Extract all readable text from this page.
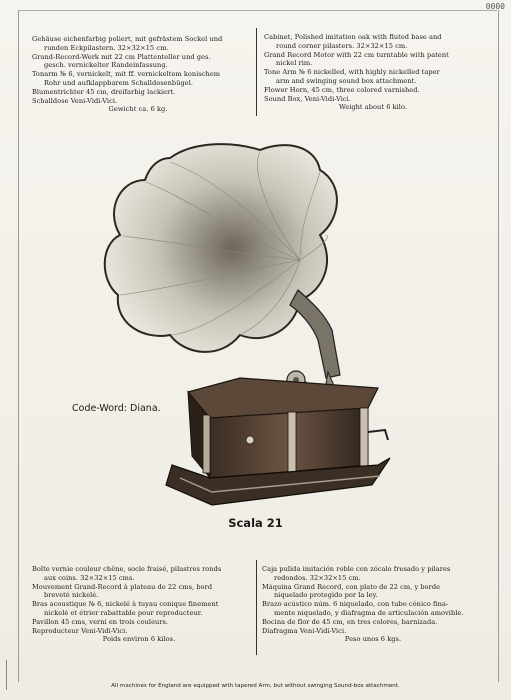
0000

Gehäuse eichenfarbig poliert, mit gefrästem Sockel und

runden Eckpilastern. 32×32×15 cm.

Grand-Record-Werk mit 22 cm Plattenteller und ges.

gesch. vernickelter Randeinfassung.

Tonarm № 6, vernickelt, mit ff. vernickeltem konischem

Rohr und aufklappbarem Schalldosenbügel.

Blumentrichter 45 cm, dreifarbig lackiert.

Schalldose Veni-Vidi-Vici.

Gewicht ca. 6 kg.

Cabinet, Polished imitation oak with fluted base and

round corner pilasters. 32×32×15 cm.

Grand Record Motor with 22 cm turntable with patent

nickel rim.

Tone Arm № 6 nickelled, with highly nickelled taper

arm and swinging sound box attachment.

Flower Horn, 45 cm, three colored varnished.

Sound Box, Veni-Vidi-Vici.

Weight about 6 kilo.

Code-Word: Diana.
Scala 21

Boîte vernie couleur chêne, socle fraisé, pilastres ronds

aux coins. 32×32×15 cms.

Mouvement Grand-Record à plateau de 22 cms, bord

breveté nickelé.

Bras acoustique № 6, nickelé à tuyau conique finement

nickelé et étrier rabattable pour reproducteur.

Pavillon 45 cms, verni en trois couleurs.

Reproducteur Veni-Vidi-Vici.

Poids environ 6 kilos.

Caja pulida imitación roble con zócalo fresado y pilares

redondos. 32×32×15 cm.

Máquina Grand Record, con plato de 22 cm, y borde

niquelado protegido por la ley.

Brazo acústico núm. 6 niquelado, con tubo cónico fina-

mente niquelado, y diafragma de articulación amovible.

Bocina de flor de 45 cm, en tres colores, barnizada.

Diafragma Veni-Vidi-Vici.

Peso unos 6 kgs.

All machines for England are equipped with tapered Arm, but without swinging Sound-box attachment.
